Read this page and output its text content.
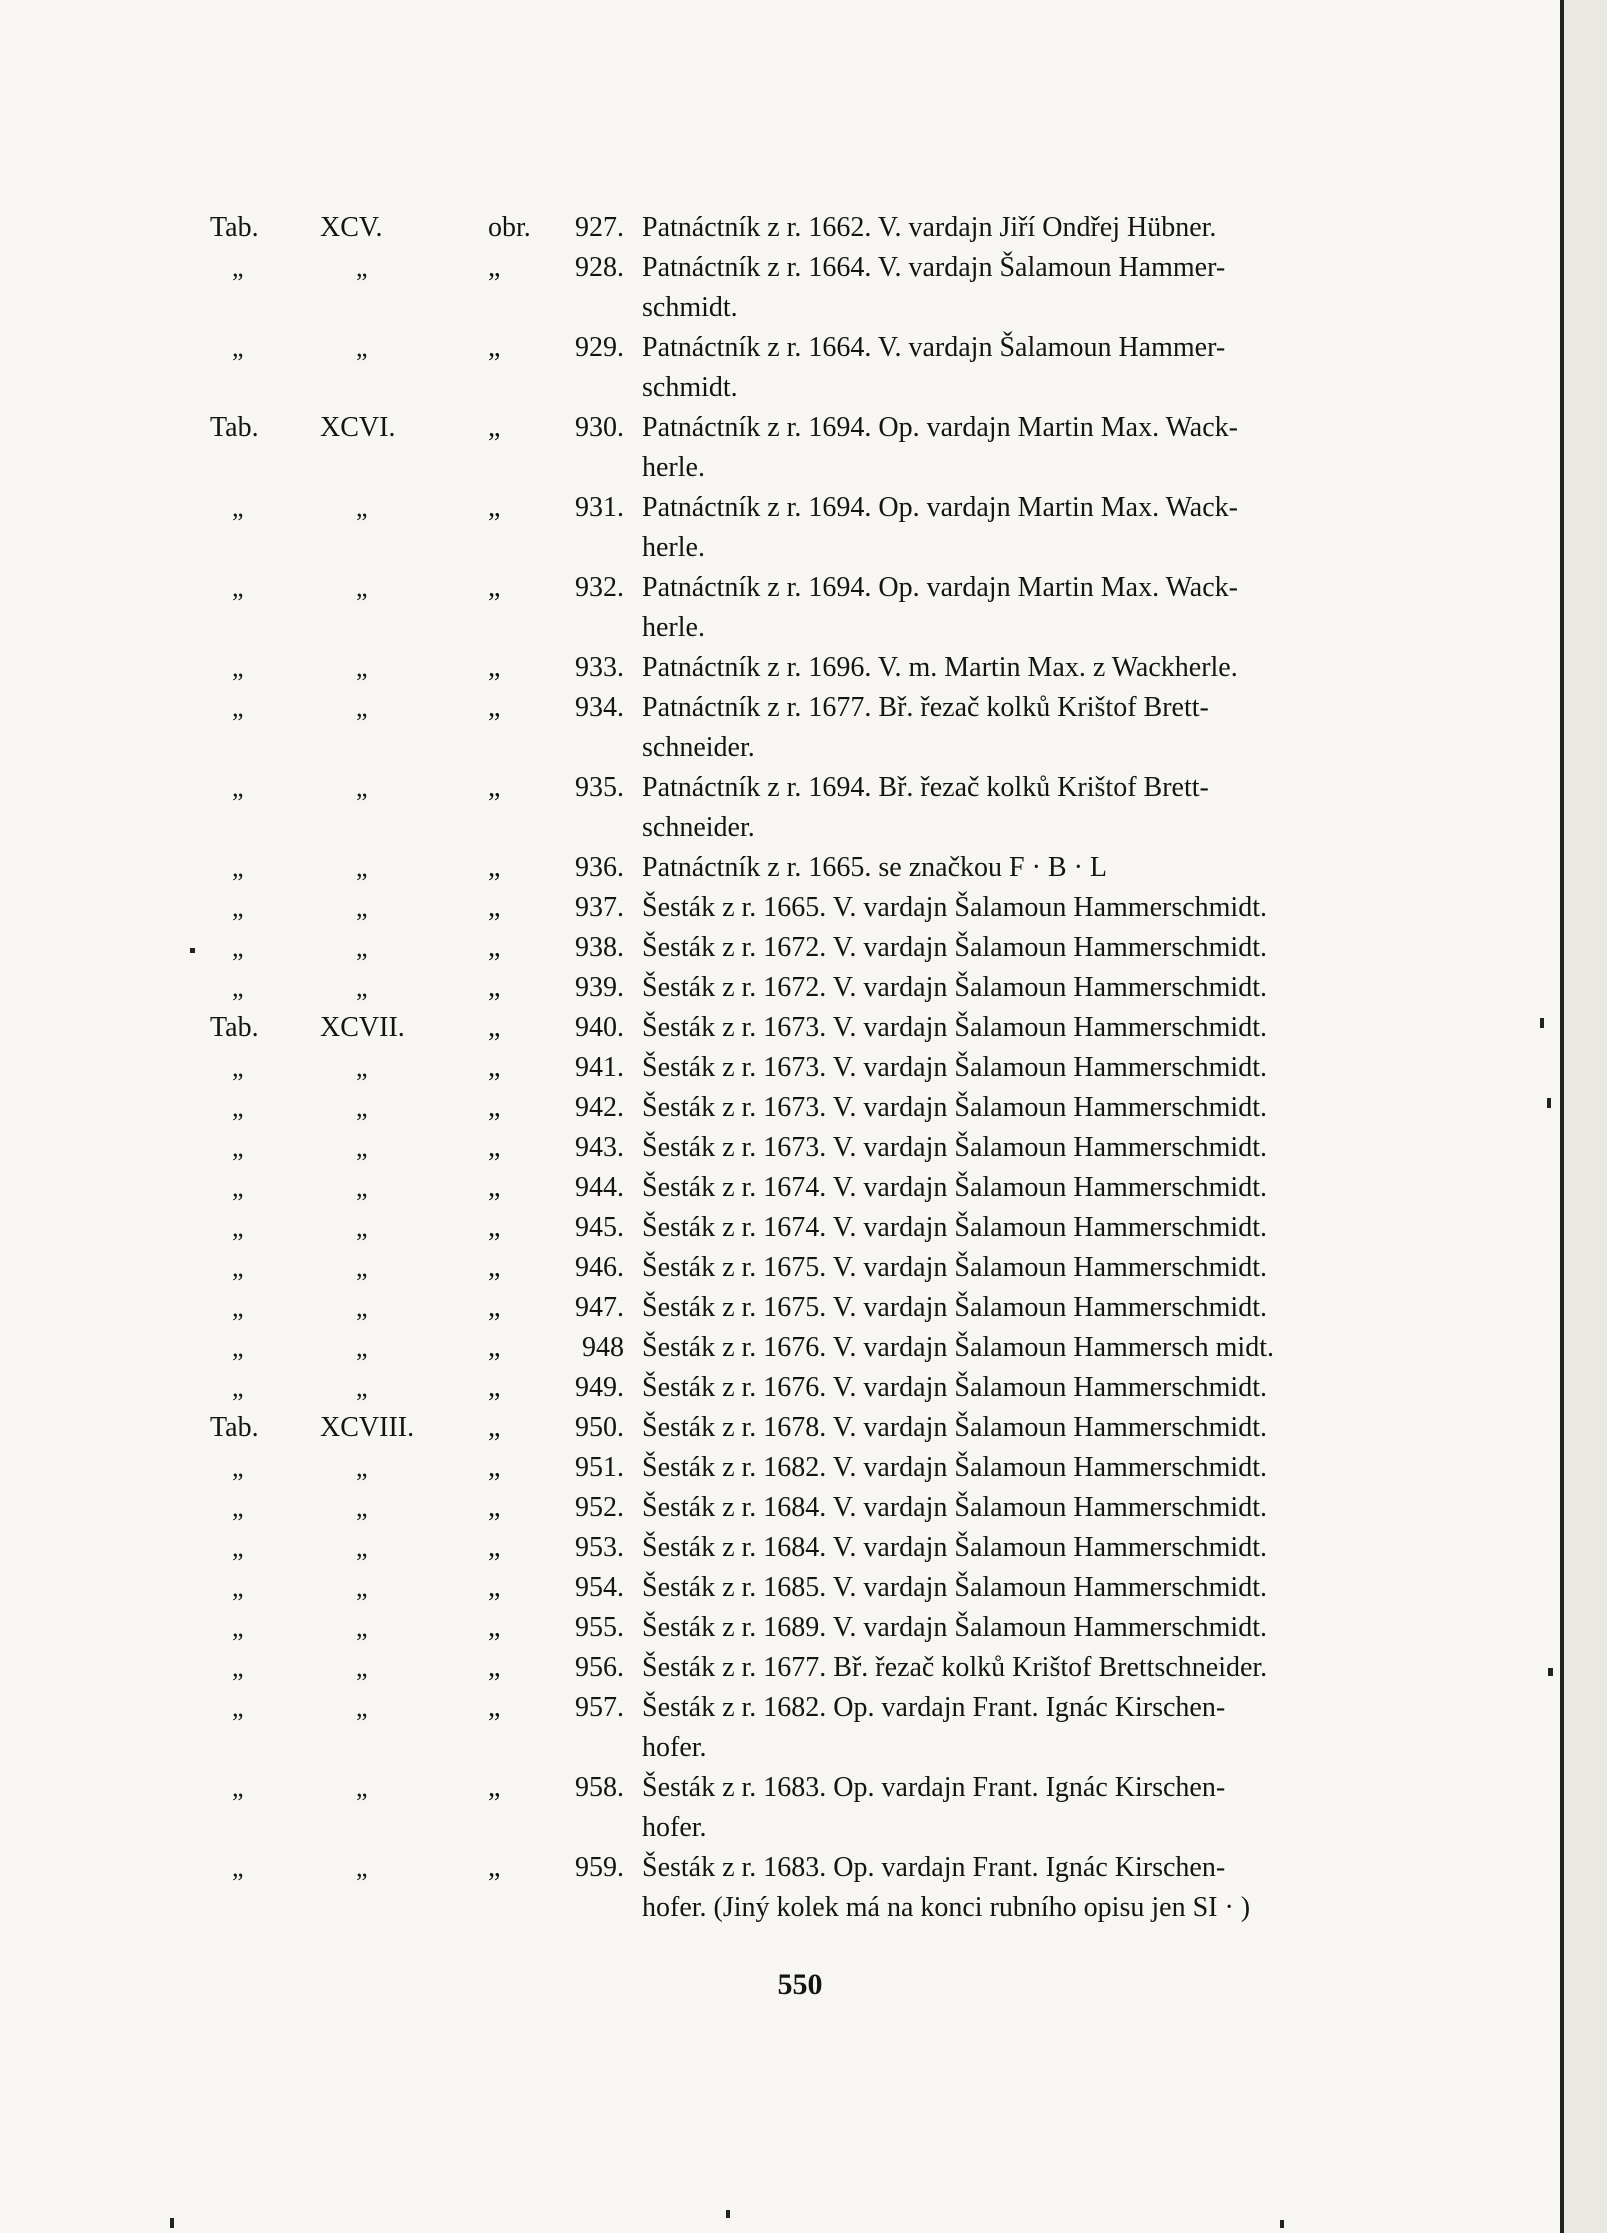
Tab. XCV.	obr.	927. Patnáctník z r. 1662. V. vardajn Jiří Ondřej Hübner.
„	„	„	928. Patnáctník z r. 1664. V. vardajn Šalamoun Hammer-
schmidt.
„	„	„	929. Patnáctník z r. 1664. V. vardajn Šalamoun Hammer-
schmidt.
Tab. XCVI.	„	930. Patnáctník z r. 1694. Op. vardajn Martin Max. Wack-
herle.
„	„	„	931. Patnáctník z r. 1694. Op. vardajn Martin Max. Wack-
herle.
„	„	„	932. Patnáctník z r. 1694. Op. vardajn Martin Max. Wack-
herle.
„	„	„	933. Patnáctník z r. 1696. V. m. Martin Max. z Wackherle.
„	„	„	934. Patnáctník z r. 1677. Bř. řezač kolků Krištof Brett-
schneider.
„	„	„	935. Patnáctník z r. 1694. Bř. řezač kolků Krištof Brett-
schneider.
„	„	„	936. Patnáctník z r. 1665. se značkou F · B · L
„	„	„	937. Šesták z r. 1665. V. vardajn Šalamoun Hammerschmidt.
„	„	„	938. Šesták z r. 1672. V. vardajn Šalamoun Hammerschmidt.
„	„	„	939. Šesták z r. 1672. V. vardajn Šalamoun Hammerschmidt.
Tab. XCVII.	„	940. Šesták z r. 1673. V. vardajn Šalamoun Hammerschmidt.
„	„	„	941. Šesták z r. 1673. V. vardajn Šalamoun Hammerschmidt.
„	„	„	942. Šesták z r. 1673. V. vardajn Šalamoun Hammerschmidt.
„	„	„	943. Šesták z r. 1673. V. vardajn Šalamoun Hammerschmidt.
„	„	„	944. Šesták z r. 1674. V. vardajn Šalamoun Hammerschmidt.
„	„	„	945. Šesták z r. 1674. V. vardajn Šalamoun Hammerschmidt.
„	„	„	946. Šesták z r. 1675. V. vardajn Šalamoun Hammerschmidt.
„	„	„	947. Šesták z r. 1675. V. vardajn Šalamoun Hammerschmidt.
„	„	„	948 Šesták z r. 1676. V. vardajn Šalamoun Hammersch midt.
„	„	„	949. Šesták z r. 1676. V. vardajn Šalamoun Hammerschmidt.
Tab. XCVIII.	„	950. Šesták z r. 1678. V. vardajn Šalamoun Hammerschmidt.
„	„	„	951. Šesták z r. 1682. V. vardajn Šalamoun Hammerschmidt.
„	„	„	952. Šesták z r. 1684. V. vardajn Šalamoun Hammerschmidt.
„	„	„	953. Šesták z r. 1684. V. vardajn Šalamoun Hammerschmidt.
„	„	„	954. Šesták z r. 1685. V. vardajn Šalamoun Hammerschmidt.
„	„	„	955. Šesták z r. 1689. V. vardajn Šalamoun Hammerschmidt.
„	„	„	956. Šesták z r. 1677. Bř. řezač kolků Krištof Brettschneider.
„	„	„	957. Šesták z r. 1682. Op. vardajn Frant. Ignác Kirschen-
hofer.
„	„	„	958. Šesták z r. 1683. Op. vardajn Frant. Ignác Kirschen-
hofer.
„	„	„	959. Šesták z r. 1683. Op. vardajn Frant. Ignác Kirschen-
hofer. (Jiný kolek má na konci rubního opisu jen SI · )
550
